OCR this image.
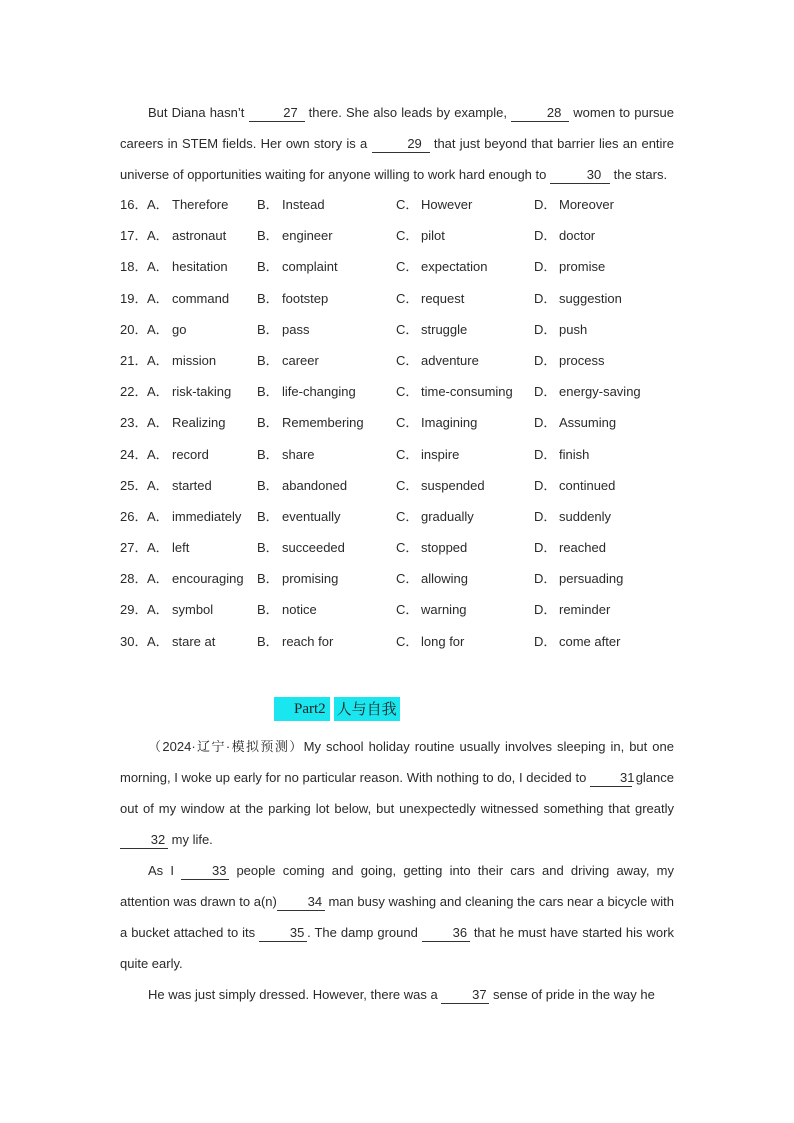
But Diana hasn’t	27 there. She also leads by example,	28 women to pursue careers in STEM fields. Her own story is a	29 that just beyond that barrier lies an entire universe of opportunities waiting for anyone willing to work hard enough to	30 the stars.
16． A． Therefore B． Instead	C． However	D． Moreover
17． A． astronaut B． engineer	C． pilot	D． doctor
18． A． hesitation B． complaint	C． expectation	D． promise
19． A． command B． footstep	C． request	D． suggestion
20． A． go	B． pass	C． struggle	D． push
21． A． mission	B． career	C． adventure	D． process
22． A． risk-taking B． life-changing	C． time-consuming D． energy-saving
23． A． Realizing B． Remembering C． Imagining	D． Assuming
24． A． record	B． share	C． inspire	D． finish
25． A． started	B． abandoned	C． suspended	D． continued
26． A． immediately B． eventually	C． gradually	D． suddenly
27． A． left	B． succeeded	C． stopped	D． reached
28． A． encouraging B． promising	C． allowing	D． persuading
29． A． symbol	B． notice	C． warning	D． reminder
30． A． stare at	B． reach for	C． long for	D． come after
Part2 人与自我
（2024·辽宁·模拟预测）My school holiday routine usually involves sleeping in, but one morning, I woke up early for no particular reason. With nothing to do, I decided to	31 glance out of my window at the parking lot below, but unexpectedly witnessed something that greatly 32 my life.
As I	33 people coming and going, getting into their cars and driving away, my attention was drawn to a(n) 34 man busy washing and cleaning the cars near a bicycle with a bucket attached to its	35 . The damp ground	36 that he must have started his work quite early.
He was just simply dressed. However, there was a	37 sense of pride in the way he
